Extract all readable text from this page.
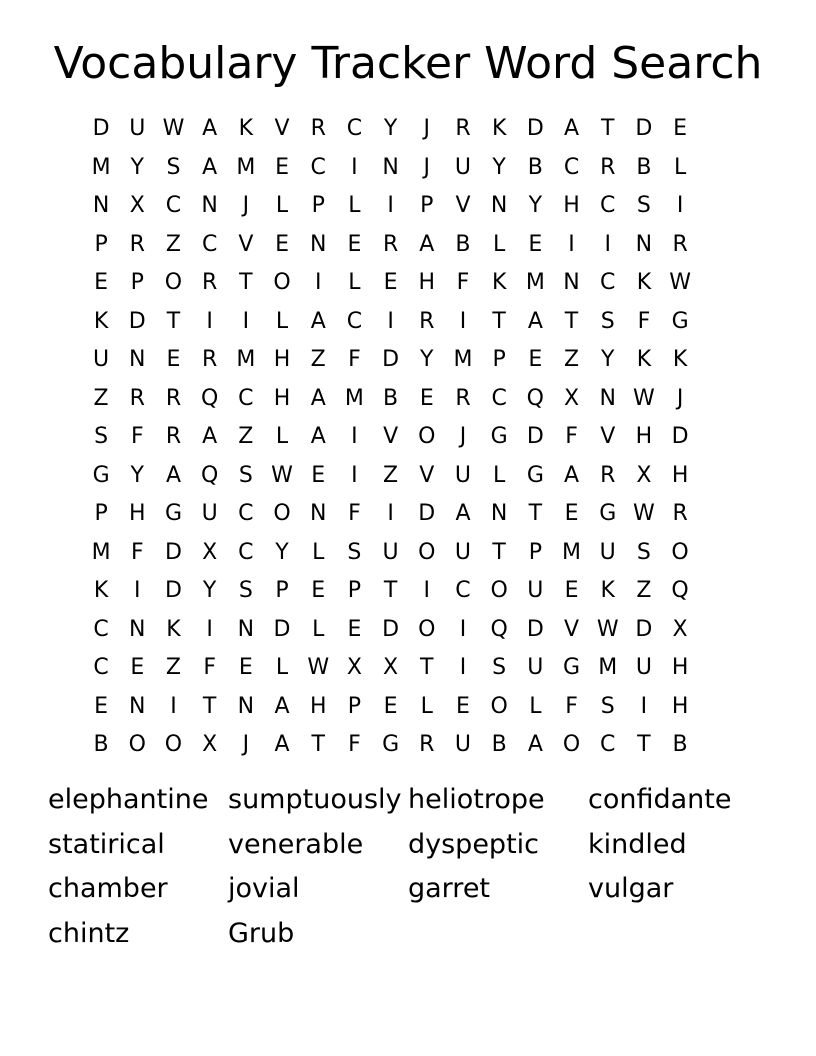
Vocabulary Tracker Word Search
D U W A K V R C Y	J	R K D A T D E
M Y	S A M E C	I	N	J	U Y B C R B	L
N X C N	J	L	P	L	I	P	V N Y H C S	I
P R Z C V E N E R A B	L	E	I	I	N R
E	P O R T O	I	L	E H F	K M N C K W
K D T	I	I	L	A C	I	R	I	T A T	S	F G
U N E R M H Z	F D Y M P	E Z Y	K K
Z R R Q C H A M B E R C Q X N W	J
S	F	R A Z	L	A	I	V O	J	G D F	V H D
G Y A Q S W E	I	Z V U	L G A R X H
P H G U C O N F	I	D A N T	E G W R
M F D X C Y	L	S U O U T	P M U S O
K	I	D Y	S	P	E	P	T	I	C O U E	K Z Q
C N K	I	N D L	E D O	I	Q D V W D X
C E Z	F	E	L W X X T	I	S U G M U H
E N	I	T N A H P	E	L	E O L	F	S	I	H
B O O X	J	A T	F G R U B A O C T B
elephantine sumptuously heliotrope	confidante
statirical	venerable	dyspeptic	kindled
chamber	jovial	garret	vulgar
chintz	Grub
